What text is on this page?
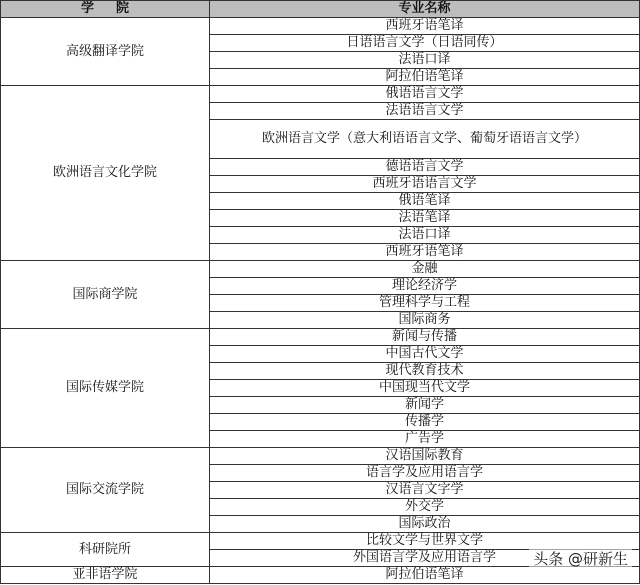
学院	专业名称
高级翻译学院	西班牙语笔译
	日语语言文学（日语同传）
	法语口译
	阿拉伯语笔译
欧洲语言文化学院	俄语语言文学
	法语语言文学
	欧洲语言文学（意大利语语言文学、葡萄牙语语言文学）
	德语语言文学
	西班牙语语言文学
	俄语笔译
	法语笔译
	法语口译
	西班牙语笔译
国际商学院	金融
	理论经济学
	管理科学与工程
	国际商务
国际传媒学院	新闻与传播
	中国古代文学
	现代教育技术
	中国现当代文学
	新闻学
	传播学
	广告学
国际交流学院	汉语国际教育
	语言学及应用语言学
	汉语言文字学
	外交学
	国际政治
科研院所	比较文学与世界文学
	外国语言学及应用语言学
亚非语学院	阿拉伯语笔译
头条 @研新生
